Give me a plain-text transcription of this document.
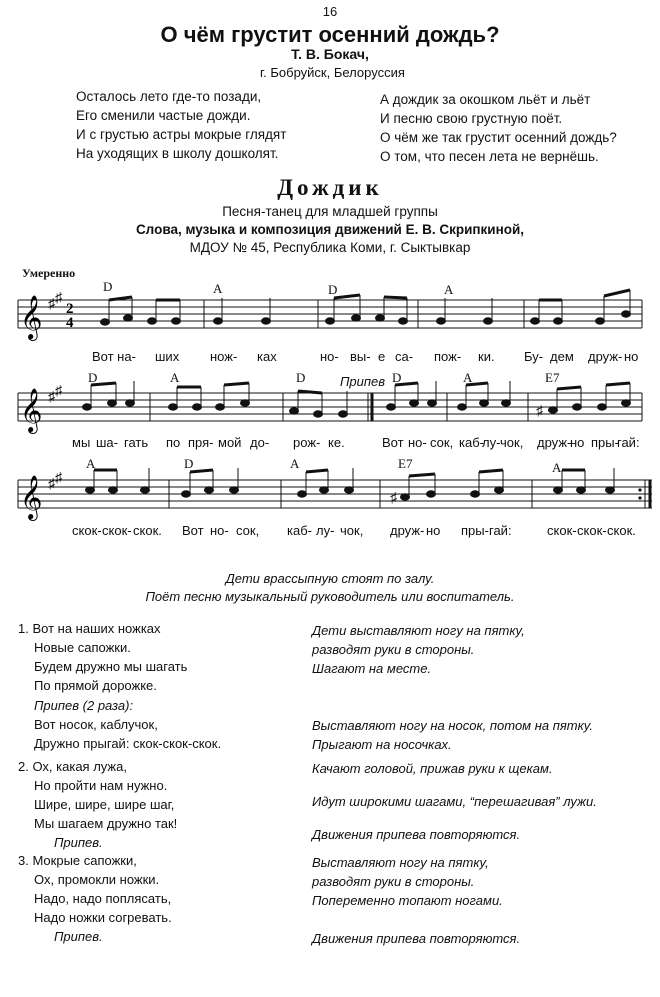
16
О чём грустит осенний дождь?
Т. В. Бокач,
г. Бобруйск, Белоруссия
Осталось лето где-то позади,
Его сменили частые дожди.
И с грустью астры мокрые глядят
На уходящих в школу дошколят.
А дождик за окошком льёт и льёт
И песню свою грустную поёт.
О чём же так грустит осенний дождь?
О том, что песен лета не вернёшь.
Дождик
Песня-танец для младшей группы
Слова, музыка и композиция движений Е. В. Скрипкиной,
МДОУ № 45, Республика Коми, г. Сыктывкар
Умеренно
𝄞 ♯ ♯
2
4
D	A	D	A
Вот на- ших нож- ках	но- вы- е са- пож- ки. Бу- дем друж- но
𝄞 ♯ ♯
♯
D	A	D	Припев D	A	E7
мы ша- гать по пря- мой до- рож- ке.	Вот но- сок, каб-
лу- чок, друж-
но пры-
гай:
𝄞 ♯ ♯
♯
A	D	A	E7	A
скок- скок- скок. Вот но- сок, каб- лу- чок, друж- но пры- гай:	скок- скок- скок.
Дети врассыпную стоят по залу.
Поёт песню музыкальный руководитель или воспитатель.
1. Вот на наших ножках
Новые сапожки.
Будем дружно мы шагать
По прямой дорожке.
Припев (2 раза):
Вот носок, каблучок,
Дружно прыгай: скок-скок-скок.
2. Ох, какая лужа,
Но пройти нам нужно.
Шире, шире, шире шаг,
Мы шагаем дружно так!
Припев.
3. Мокрые сапожки,
Ох, промокли ножки.
Надо, надо поплясать,
Надо ножки согревать.
Припев.
Дети выставляют ногу на пятку,
разводят руки в стороны.
Шагают на месте.
Выставляют ногу на носок, потом на пятку.
Прыгают на носочках.
Качают головой, прижав руки к щекам.
Идут широкими шагами, “перешагивая” лужи.
Движения припева повторяются.
Выставляют ногу на пятку,
разводят руки в стороны.
Попеременно топают ногами.
Движения припева повторяются.
